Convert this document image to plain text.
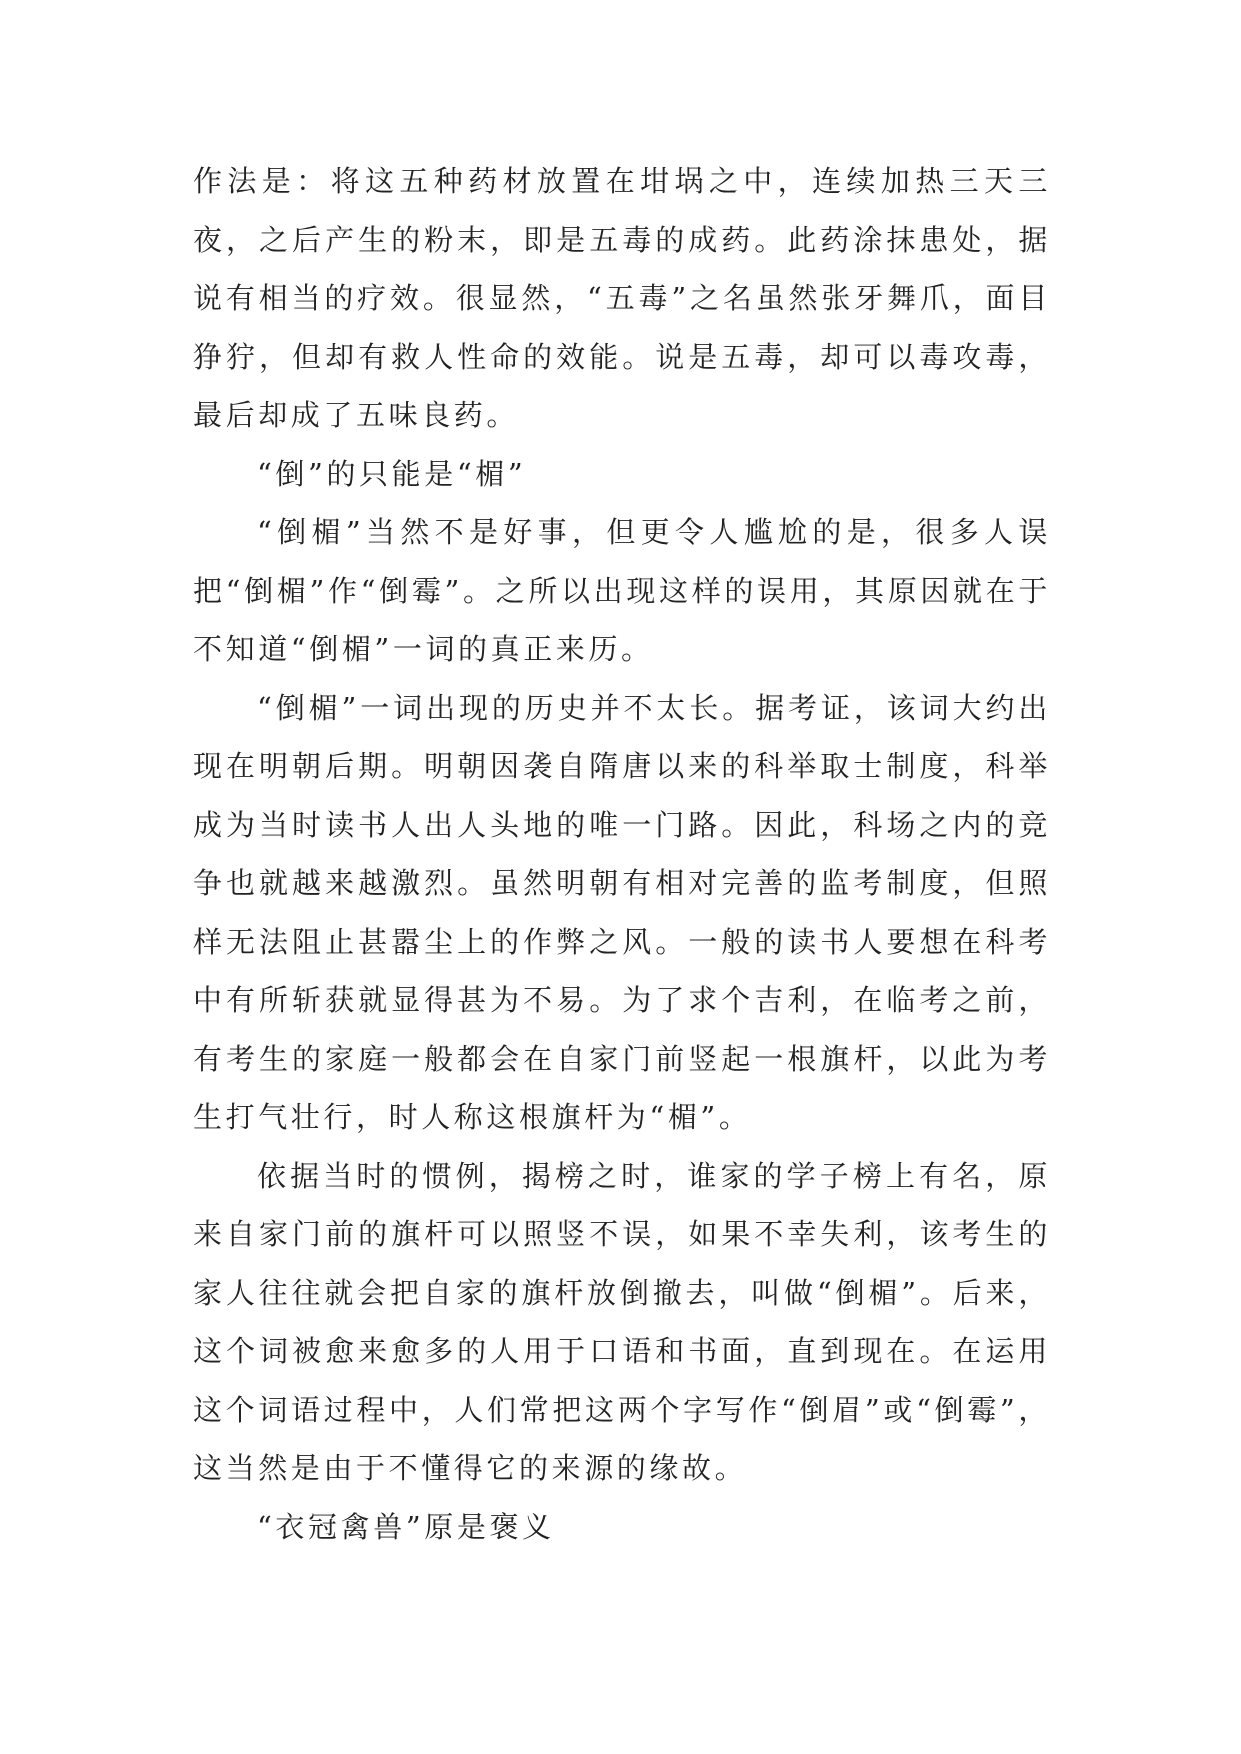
作法是：将这五种药材放置在坩埚之中，连续加热三天三夜，之后产生的粉末，即是五毒的成药。此药涂抹患处，据说有相当的疗效。很显然，“五毒”之名虽然张牙舞爪，面目狰狞，但却有救人性命的效能。说是五毒，却可以毒攻毒，最后却成了五味良药。

“倒”的只能是“楣”

“倒楣”当然不是好事，但更令人尴尬的是，很多人误把“倒楣”作“倒霉”。之所以出现这样的误用，其原因就在于不知道“倒楣”一词的真正来历。

“倒楣”一词出现的历史并不太长。据考证，该词大约出现在明朝后期。明朝因袭自隋唐以来的科举取士制度，科举成为当时读书人出人头地的唯一门路。因此，科场之内的竞争也就越来越激烈。虽然明朝有相对完善的监考制度，但照样无法阻止甚嚣尘上的作弊之风。一般的读书人要想在科考中有所斩获就显得甚为不易。为了求个吉利，在临考之前，有考生的家庭一般都会在自家门前竖起一根旗杆，以此为考生打气壮行，时人称这根旗杆为“楣”。

依据当时的惯例，揭榜之时，谁家的学子榜上有名，原来自家门前的旗杆可以照竖不误，如果不幸失利，该考生的家人往往就会把自家的旗杆放倒撤去，叫做“倒楣”。后来，这个词被愈来愈多的人用于口语和书面，直到现在。在运用这个词语过程中，人们常把这两个字写作“倒眉”或“倒霉”，这当然是由于不懂得它的来源的缘故。

“衣冠禽兽”原是褒义
